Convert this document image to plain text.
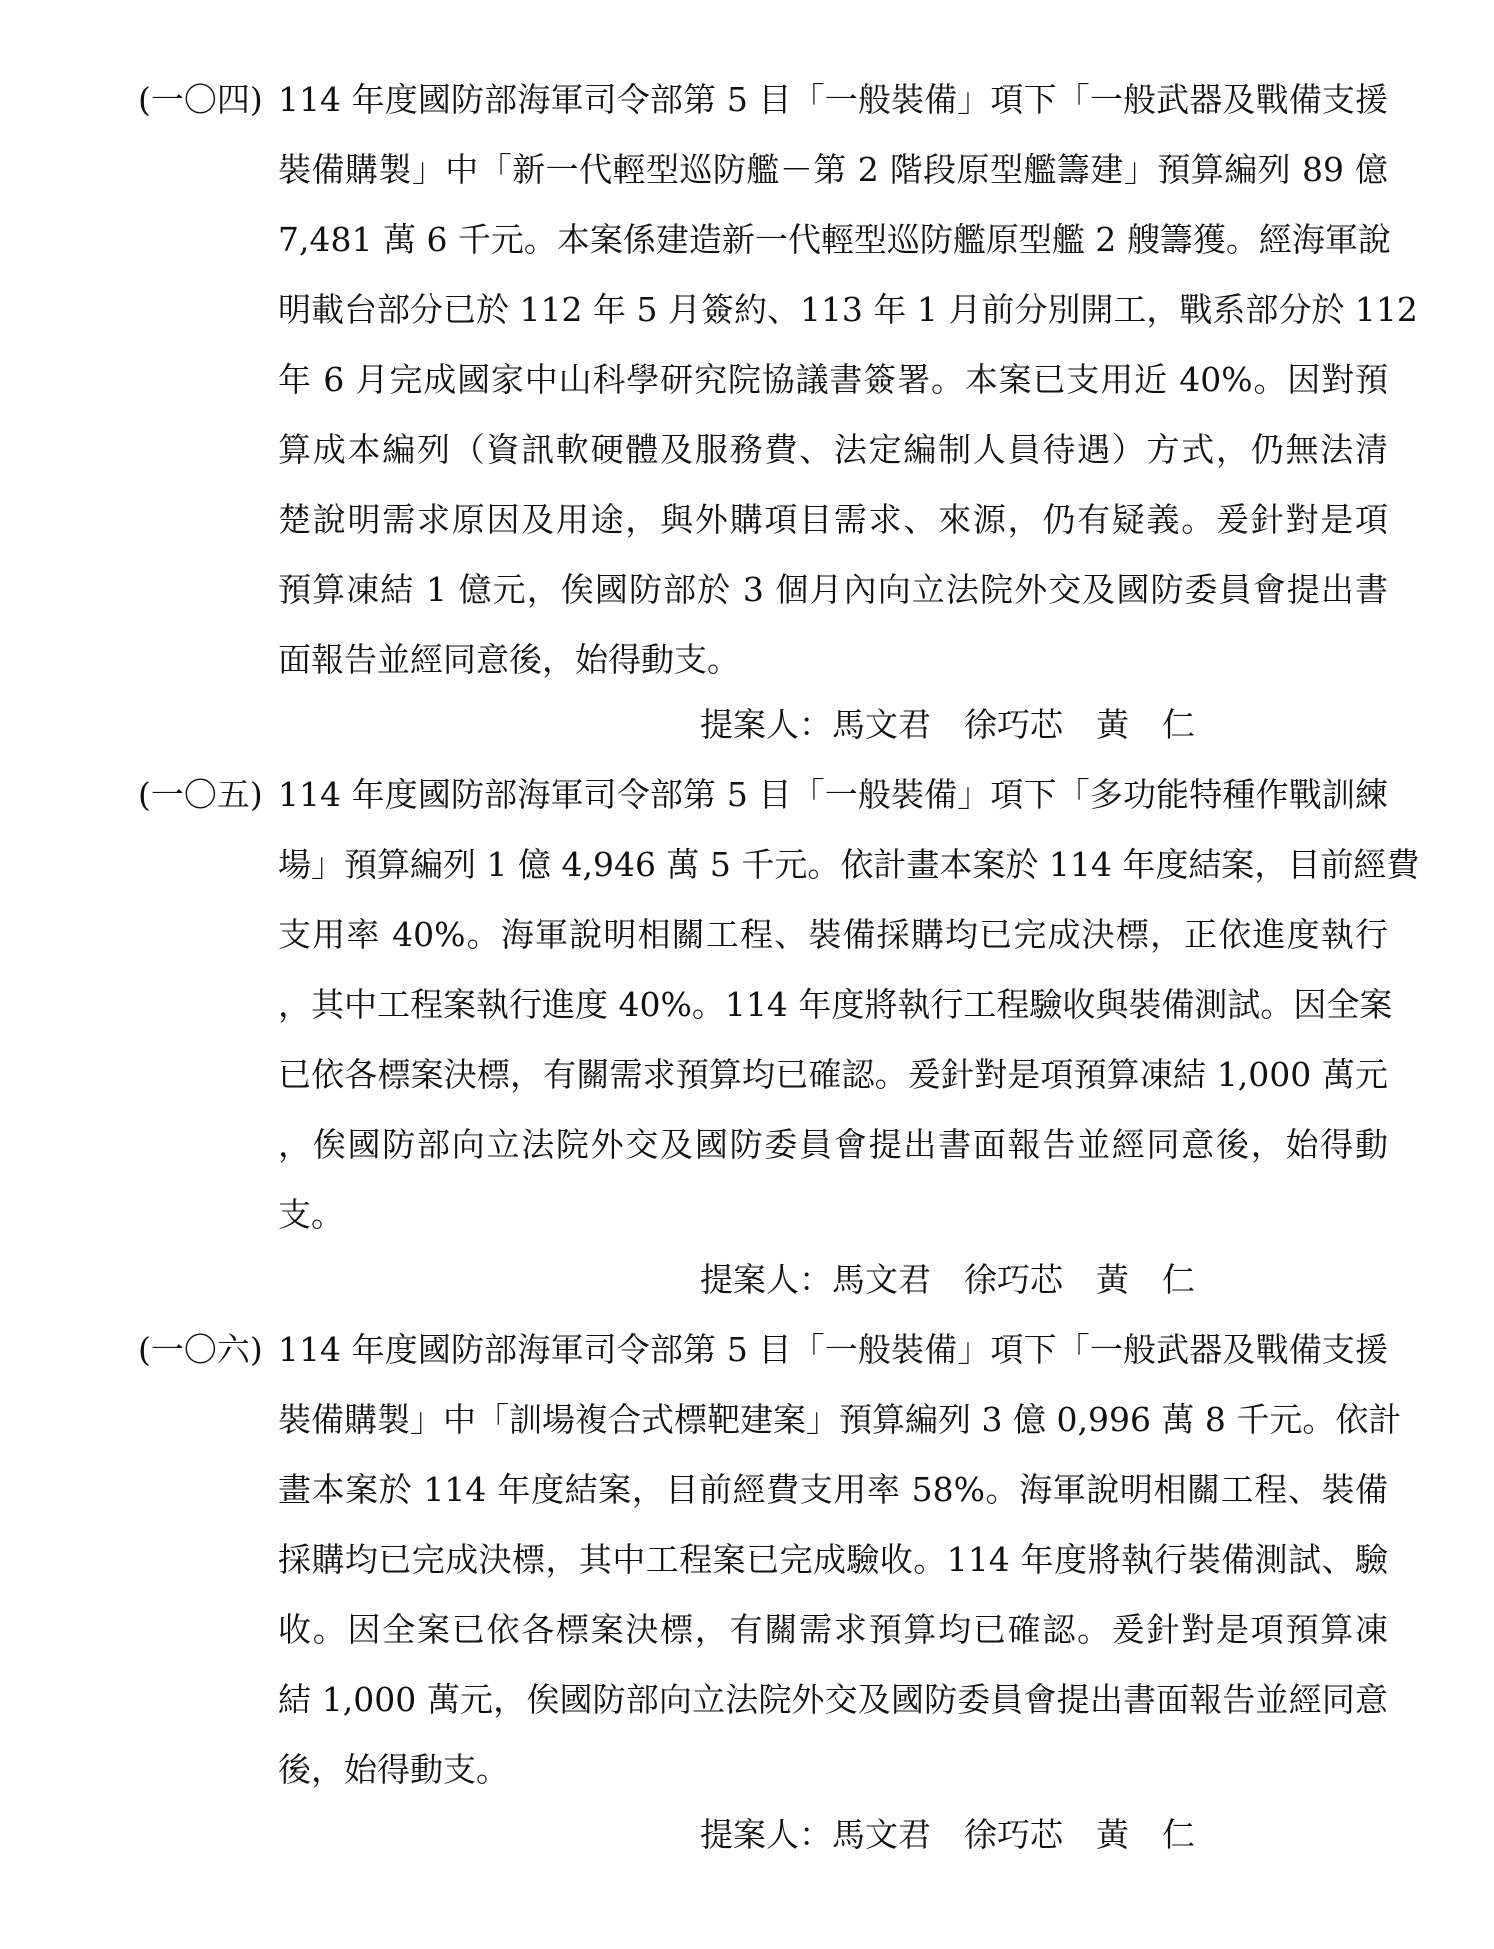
(一〇四) 114 年度國防部海軍司令部第 5 目「一般裝備」項下「一般武器及戰備支援
裝備購製」中「新一代輕型巡防艦－第 2 階段原型艦籌建」預算編列 89 億
7,481 萬 6 千元。本案係建造新一代輕型巡防艦原型艦 2 艘籌獲。經海軍說
明載台部分已於 112 年 5 月簽約、113 年 1 月前分別開工，戰系部分於 112
年 6 月完成國家中山科學研究院協議書簽署。本案已支用近 40%。因對預
算成本編列（資訊軟硬體及服務費、法定編制人員待遇）方式，仍無法清
楚說明需求原因及用途，與外購項目需求、來源，仍有疑義。爰針對是項
預算凍結 1 億元，俟國防部於 3 個月內向立法院外交及國防委員會提出書
面報告並經同意後，始得動支。
提案人：馬文君　徐巧芯　黃　仁
(一〇五) 114 年度國防部海軍司令部第 5 目「一般裝備」項下「多功能特種作戰訓練
場」預算編列 1 億 4,946 萬 5 千元。依計畫本案於 114 年度結案，目前經費
支用率 40%。海軍說明相關工程、裝備採購均已完成決標，正依進度執行
，其中工程案執行進度 40%。114 年度將執行工程驗收與裝備測試。因全案
已依各標案決標，有關需求預算均已確認。爰針對是項預算凍結 1,000 萬元
，俟國防部向立法院外交及國防委員會提出書面報告並經同意後，始得動
支。
提案人：馬文君　徐巧芯　黃　仁
(一〇六) 114 年度國防部海軍司令部第 5 目「一般裝備」項下「一般武器及戰備支援
裝備購製」中「訓場複合式標靶建案」預算編列 3 億 0,996 萬 8 千元。依計
畫本案於 114 年度結案，目前經費支用率 58%。海軍說明相關工程、裝備
採購均已完成決標，其中工程案已完成驗收。114 年度將執行裝備測試、驗
收。因全案已依各標案決標，有關需求預算均已確認。爰針對是項預算凍
結 1,000 萬元，俟國防部向立法院外交及國防委員會提出書面報告並經同意
後，始得動支。
提案人：馬文君　徐巧芯　黃　仁
